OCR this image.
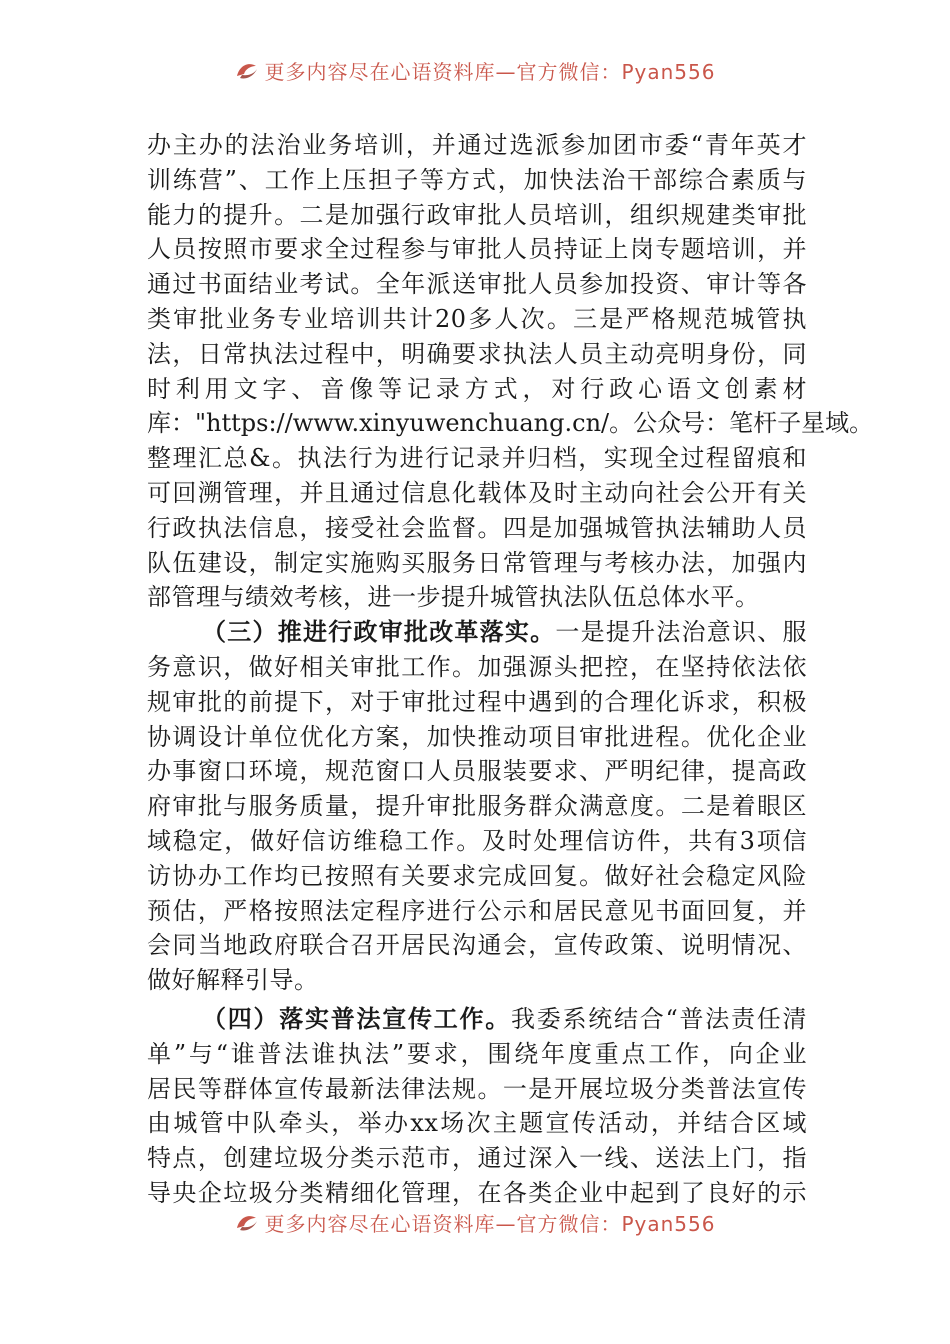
更多内容尽在心语资料库—官方微信：Pyan556
办主办的法治业务培训，并通过选派参加团市委“青年英才
训练营”、工作上压担子等方式，加快法治干部综合素质与
能力的提升。二是加强行政审批人员培训，组织规建类审批
人员按照市要求全过程参与审批人员持证上岗专题培训，并
通过书面结业考试。全年派送审批人员参加投资、审计等各
类审批业务专业培训共计20多人次。三是严格规范城管执
法，日常执法过程中，明确要求执法人员主动亮明身份，同
时利用文字、音像等记录方式，对行政心语文创素材
库："https://www.xinyuwenchuang.cn/。公众号：笔杆子星域。
整理汇总&。执法行为进行记录并归档，实现全过程留痕和
可回溯管理，并且通过信息化载体及时主动向社会公开有关
行政执法信息，接受社会监督。四是加强城管执法辅助人员
队伍建设，制定实施购买服务日常管理与考核办法，加强内
部管理与绩效考核，进一步提升城管执法队伍总体水平。
（三）推进行政审批改革落实。一是提升法治意识、服
务意识，做好相关审批工作。加强源头把控，在坚持依法依
规审批的前提下，对于审批过程中遇到的合理化诉求，积极
协调设计单位优化方案，加快推动项目审批进程。优化企业
办事窗口环境，规范窗口人员服装要求、严明纪律，提高政
府审批与服务质量，提升审批服务群众满意度。二是着眼区
域稳定，做好信访维稳工作。及时处理信访件，共有3项信
访协办工作均已按照有关要求完成回复。做好社会稳定风险
预估，严格按照法定程序进行公示和居民意见书面回复，并
会同当地政府联合召开居民沟通会，宣传政策、说明情况、
做好解释引导。
（四）落实普法宣传工作。我委系统结合“普法责任清
单”与“谁普法谁执法”要求，围绕年度重点工作，向企业
居民等群体宣传最新法律法规。一是开展垃圾分类普法宣传
由城管中队牵头，举办xx场次主题宣传活动，并结合区域
特点，创建垃圾分类示范市，通过深入一线、送法上门，指
导央企垃圾分类精细化管理，在各类企业中起到了良好的示
更多内容尽在心语资料库—官方微信：Pyan556
